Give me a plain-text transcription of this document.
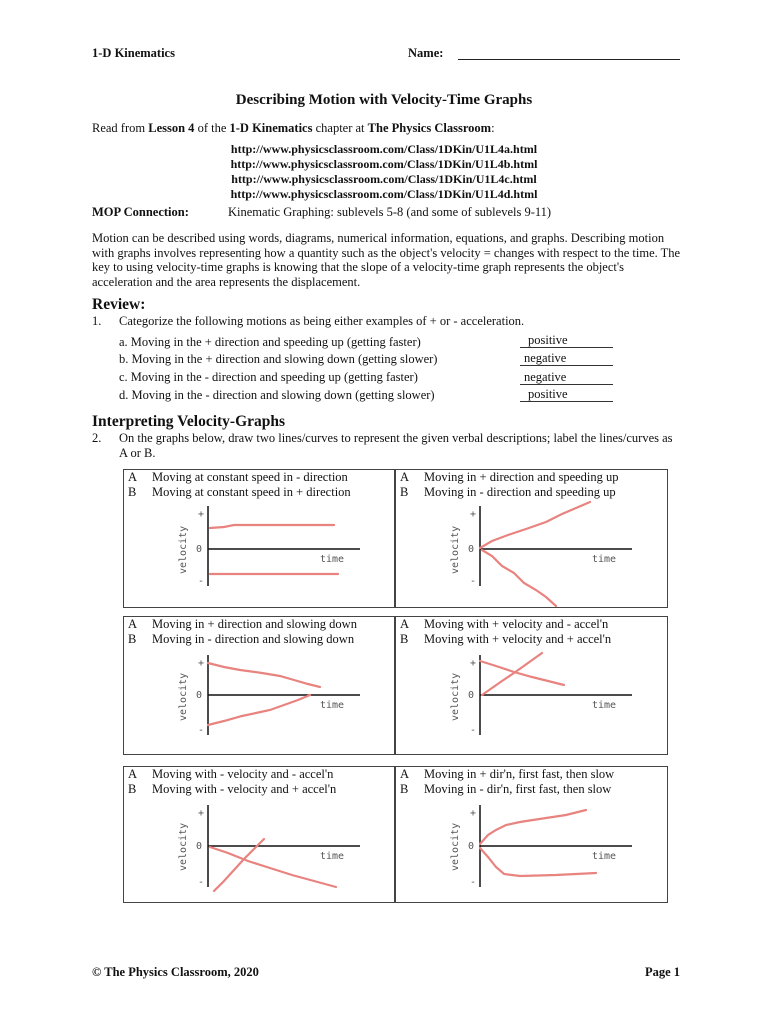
1-D Kinematics	Name:
Describing Motion with Velocity-Time Graphs
Read from Lesson 4 of the 1-D Kinematics chapter at The Physics Classroom:
http://www.physicsclassroom.com/Class/1DKin/U1L4a.html
http://www.physicsclassroom.com/Class/1DKin/U1L4b.html
http://www.physicsclassroom.com/Class/1DKin/U1L4c.html
http://www.physicsclassroom.com/Class/1DKin/U1L4d.html
MOP Connection:	Kinematic Graphing: sublevels 5-8 (and some of sublevels 9-11)
Motion can be described using words, diagrams, numerical information, equations, and graphs. Describing motion with graphs involves representing how a quantity such as the object's velocity = changes with respect to the time. The key to using velocity-time graphs is knowing that the slope of a velocity-time graph represents the object's acceleration and the area represents the displacement.
Review:
1. Categorize the following motions as being either examples of + or - acceleration.
a. Moving in the + direction and speeding up (getting faster)	positive
b. Moving in the + direction and slowing down (getting slower)	negative
c. Moving in the - direction and speeding up (getting faster)	negative
d. Moving in the - direction and slowing down (getting slower)	positive
Interpreting Velocity-Graphs
2. On the graphs below, draw two lines/curves to represent the given verbal descriptions; label the lines/curves as A or B.
A	Moving at constant speed in - direction
B	Moving at constant speed in + direction
+
0
-
time
velocity
A	Moving in + direction and speeding up
B	Moving in - direction and speeding up
+
0
-
time
velocity
A	Moving in + direction and slowing down
B	Moving in - direction and slowing down
+
0
-
time
velocity
A	Moving with + velocity and - accel'n
B	Moving with + velocity and + accel'n
+
0
-
time
velocity
A	Moving with - velocity and - accel'n
B	Moving with - velocity and + accel'n
+
0
-
time
velocity
A	Moving in + dir'n, first fast, then slow
B	Moving in - dir'n, first fast, then slow
+
0
-
time
velocity
© The Physics Classroom, 2020	Page 1
